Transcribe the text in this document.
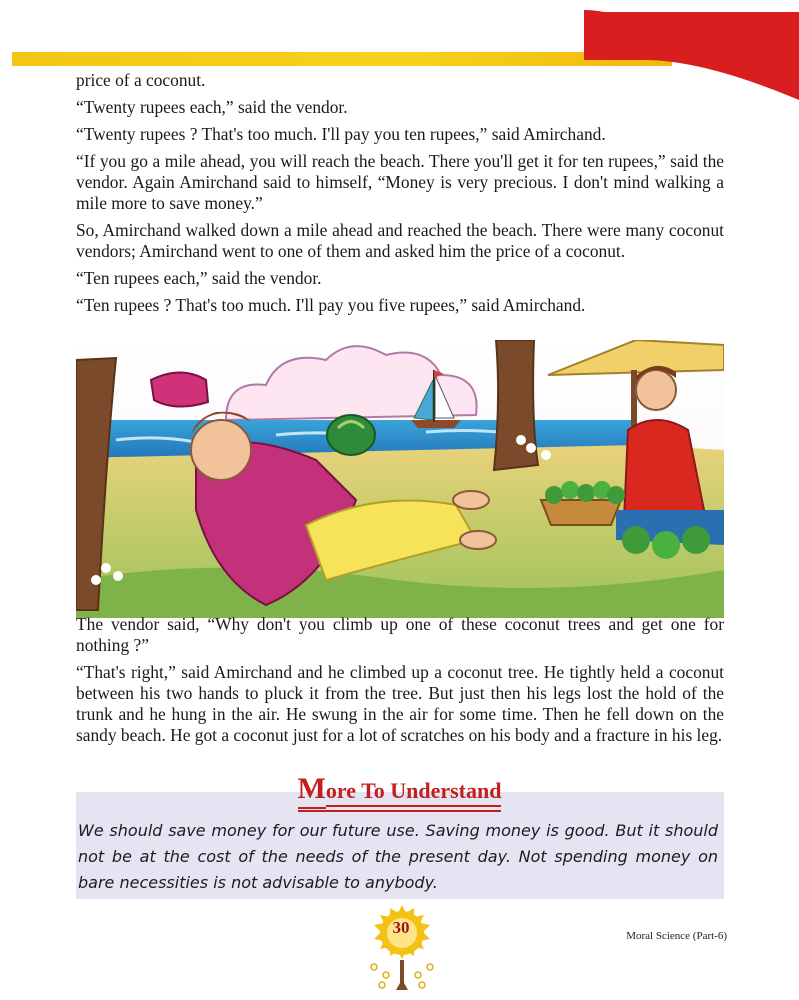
price of a coconut.

“Twenty rupees each,” said the vendor.

“Twenty rupees ? That's too much. I'll pay you ten rupees,” said Amirchand.

“If you go a mile ahead, you will reach the beach. There you'll get it for ten rupees,” said the vendor. Again Amirchand said to himself, “Money is very precious. I don't mind walking a mile more to save money.”

So, Amirchand walked down a mile ahead and reached the beach. There were many coconut vendors; Amirchand went to one of them and asked him the price of a coconut.

“Ten rupees each,” said the vendor.

“Ten rupees ? That's too much. I'll pay you five rupees,” said Amirchand.

The vendor said, “Why don't you climb up one of these coconut trees and get one for nothing ?”

“That's right,” said Amirchand and he climbed up a coconut tree. He tightly held a coconut between his two hands to pluck it from the tree. But just then his legs lost the hold of the trunk and he hung in the air. He swung in the air for some time. Then he fell down on the sandy beach. He got a coconut just for a lot of scratches on his body and a fracture in his leg.

More To Understand
We should save money for our future use. Saving money is good. But it should not be at the cost of the needs of the present day. Not spending money on bare necessities is not advisable to anybody.
30	Moral Science (Part-6)
